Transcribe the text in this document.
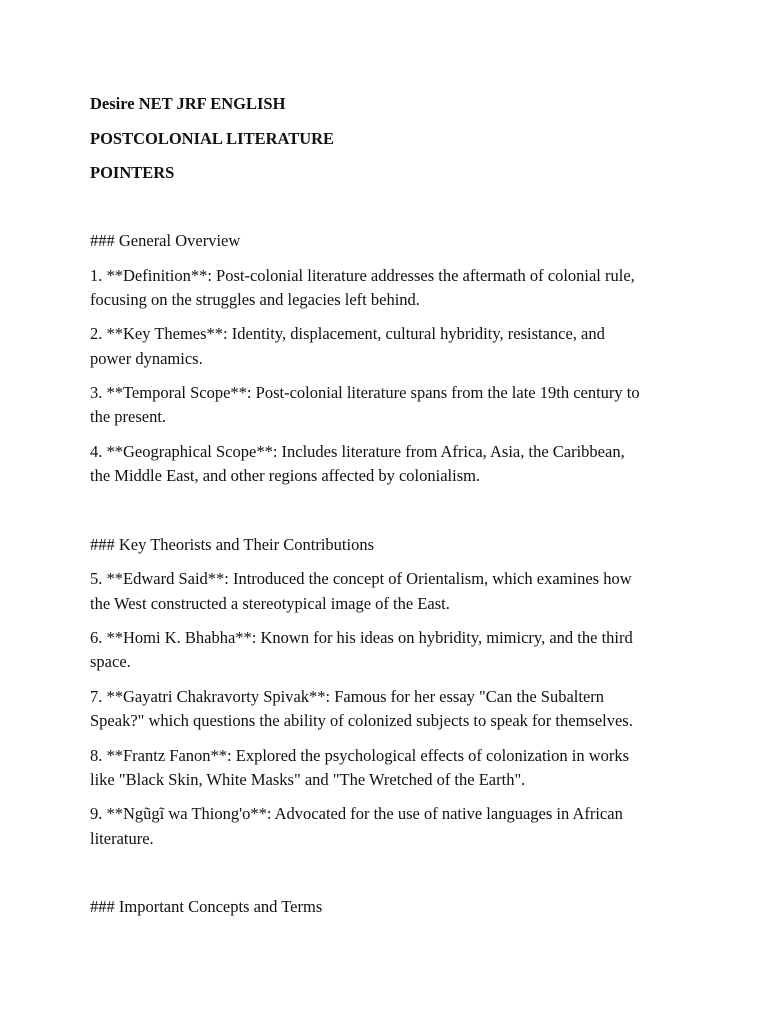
Desire NET JRF ENGLISH
POSTCOLONIAL LITERATURE
POINTERS
### General Overview
1. **Definition**: Post-colonial literature addresses the aftermath of colonial rule,
focusing on the struggles and legacies left behind.
2. **Key Themes**: Identity, displacement, cultural hybridity, resistance, and
power dynamics.
3. **Temporal Scope**: Post-colonial literature spans from the late 19th century to
the present.
4. **Geographical Scope**: Includes literature from Africa, Asia, the Caribbean,
the Middle East, and other regions affected by colonialism.
### Key Theorists and Their Contributions
5. **Edward Said**: Introduced the concept of Orientalism, which examines how
the West constructed a stereotypical image of the East.
6. **Homi K. Bhabha**: Known for his ideas on hybridity, mimicry, and the third
space.
7. **Gayatri Chakravorty Spivak**: Famous for her essay "Can the Subaltern
Speak?" which questions the ability of colonized subjects to speak for themselves.
8. **Frantz Fanon**: Explored the psychological effects of colonization in works
like "Black Skin, White Masks" and "The Wretched of the Earth".
9. **Ngũgĩ wa Thiong'o**: Advocated for the use of native languages in African
literature.
### Important Concepts and Terms
